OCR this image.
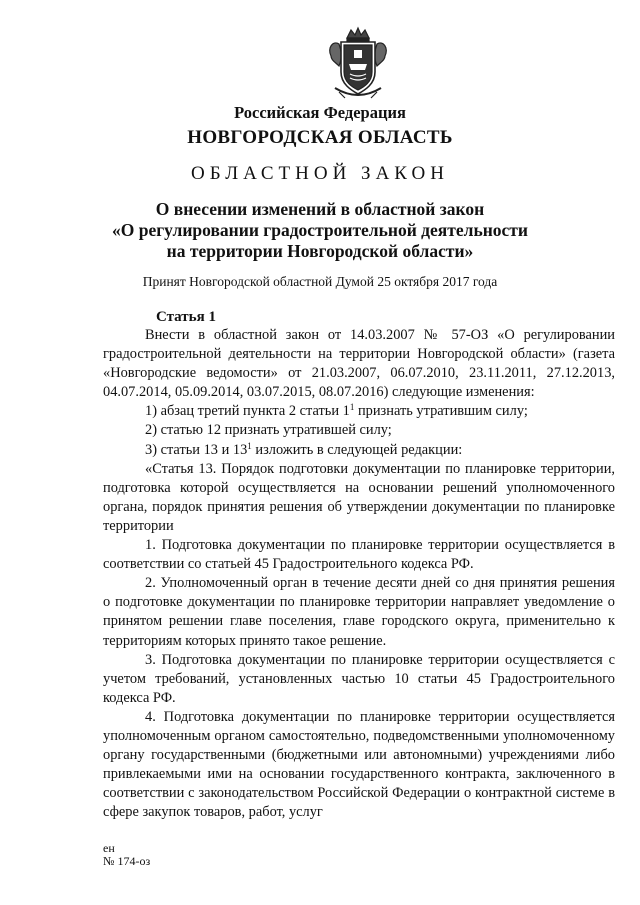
Российская Федерация
НОВГОРОДСКАЯ ОБЛАСТЬ
ОБЛАСТНОЙ ЗАКОН
О внесении изменений в областной закон
«О регулировании градостроительной деятельности
на территории Новгородской области»
Принят Новгородской областной Думой 25 октября 2017 года
Статья 1

Внести в областной закон от 14.03.2007 № 57-ОЗ «О регулировании градостроительной деятельности на территории Новгородской области» (газета «Новгородские ведомости» от 21.03.2007, 06.07.2010, 23.11.2011, 27.12.2013, 04.07.2014, 05.09.2014, 03.07.2015, 08.07.2016) следующие изменения:

1) абзац третий пункта 2 статьи $1^1$ признать утратившим силу;

2) статью 12 признать утратившей силу;

3) статьи 13 и $13^1$ изложить в следующей редакции:

«Статья 13. Порядок подготовки документации по планировке территории, подготовка которой осуществляется на основании решений уполномоченного органа, порядок принятия решения об утверждении документации по планировке территории

1. Подготовка документации по планировке территории осуществляется в соответствии со статьей 45 Градостроительного кодекса РФ.

2. Уполномоченный орган в течение десяти дней со дня принятия решения о подготовке документации по планировке территории направляет уведомление о принятом решении главе поселения, главе городского округа, применительно к территориям которых принято такое решение.

3. Подготовка документации по планировке территории осуществляется с учетом требований, установленных частью 10 статьи 45 Градостроительного кодекса РФ.

4. Подготовка документации по планировке территории осуществляется уполномоченным органом самостоятельно, подведомственными уполномоченному органу государственными (бюджетными или автономными) учреждениями либо привлекаемыми ими на основании государственного контракта, заключенного в соответствии с законодательством Российской Федерации о контрактной системе в сфере закупок товаров, работ, услуг

ен
№ 174-оз
